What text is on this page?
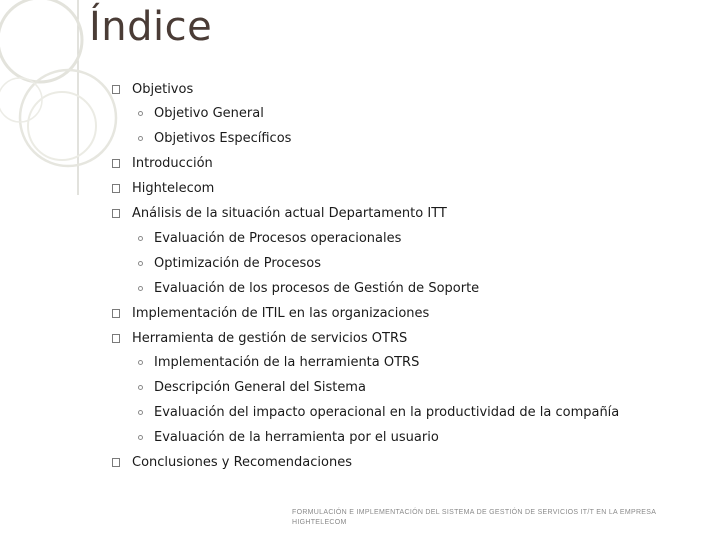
Índice
Objetivos
Objetivo General
Objetivos Específicos
Introducción
Hightelecom
Análisis de la situación actual Departamento ITT
Evaluación de Procesos operacionales
Optimización de Procesos
Evaluación de los procesos de Gestión de Soporte
Implementación de ITIL en las organizaciones
Herramienta de gestión de servicios OTRS
Implementación de la herramienta OTRS
Descripción General del Sistema
Evaluación del impacto operacional en la productividad de la compañía
Evaluación de la herramienta por el usuario
Conclusiones y Recomendaciones
FORMULACIÓN E IMPLEMENTACIÓN DEL SISTEMA DE GESTIÓN DE SERVICIOS IT/T EN LA EMPRESA HIGHTELECOM
